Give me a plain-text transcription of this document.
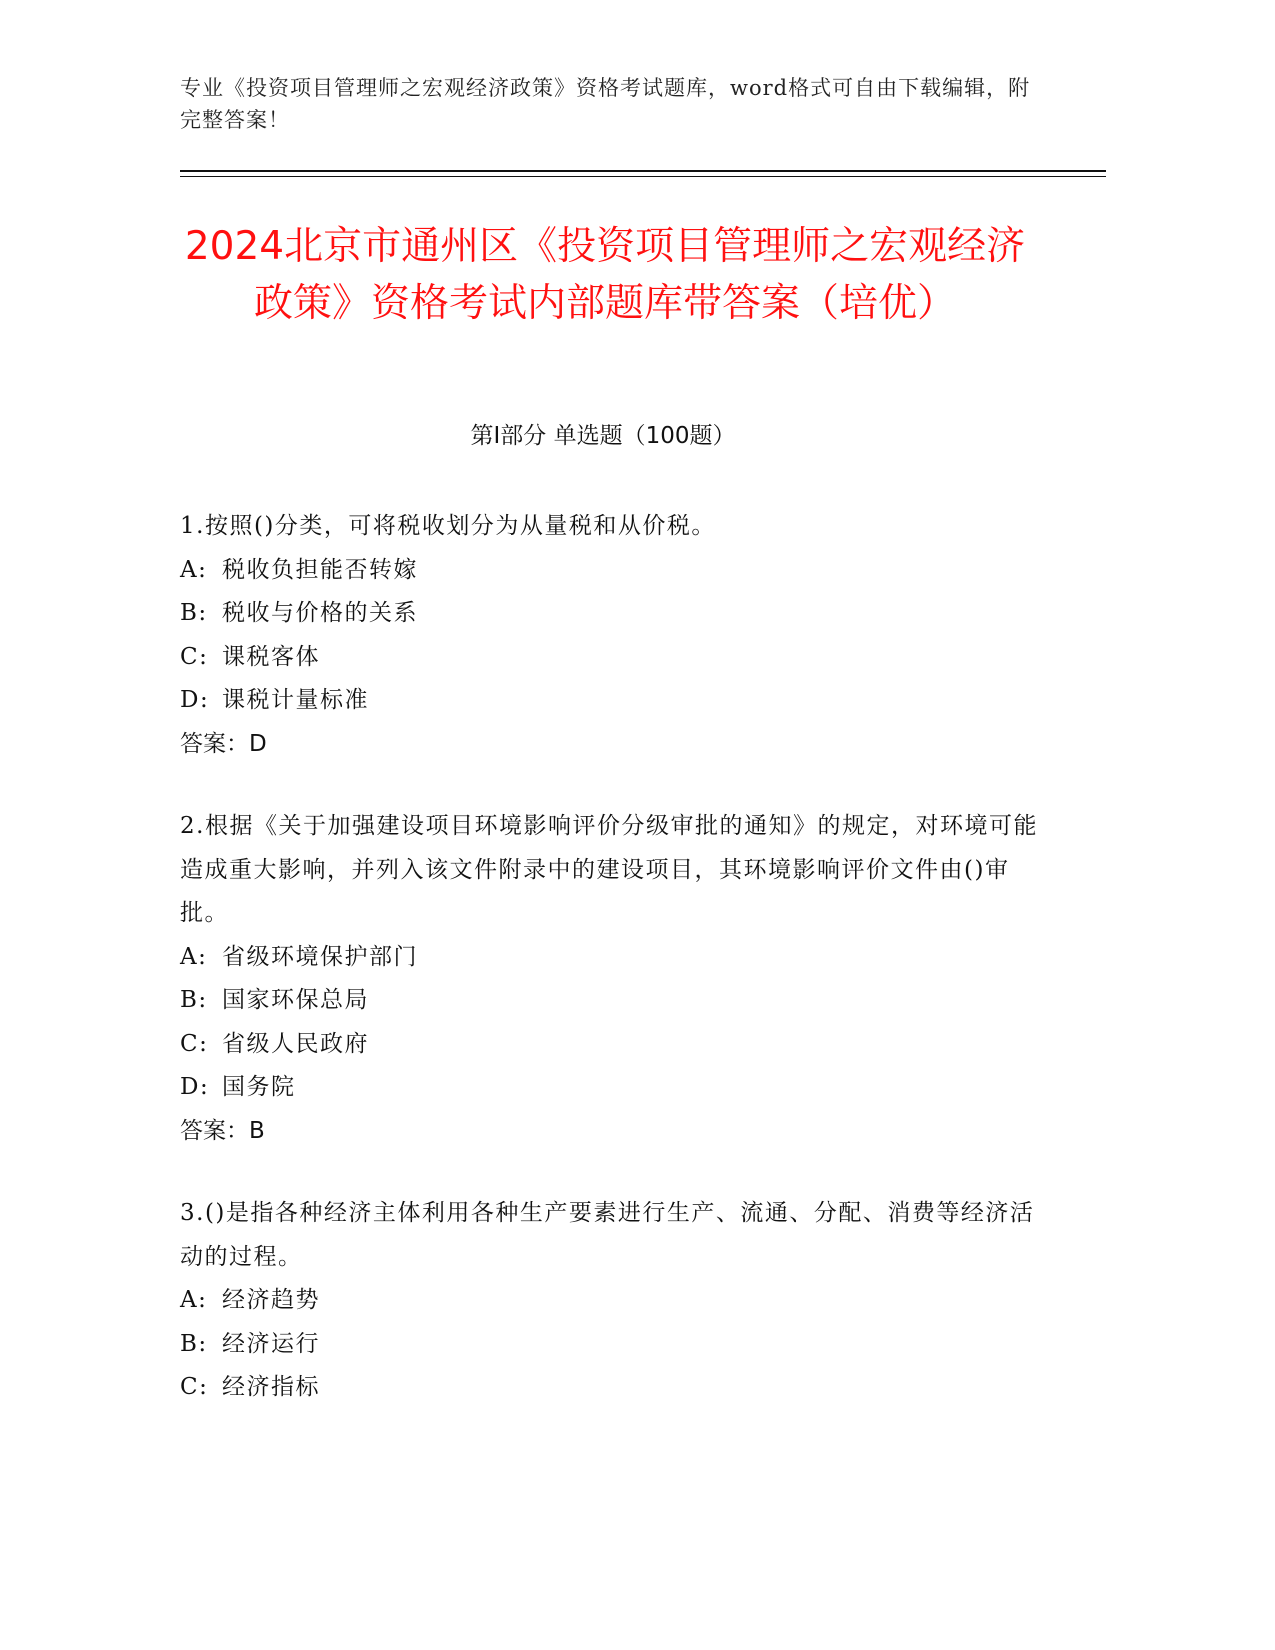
专业《投资项目管理师之宏观经济政策》资格考试题库，word格式可自由下载编辑，附完整答案！
2024北京市通州区《投资项目管理师之宏观经济政策》资格考试内部题库带答案（培优）
第I部分 单选题（100题）
1.按照()分类，可将税收划分为从量税和从价税。
A: 税收负担能否转嫁
B: 税收与价格的关系
C: 课税客体
D: 课税计量标准
答案：D
2.根据《关于加强建设项目环境影响评价分级审批的通知》的规定，对环境可能造成重大影响，并列入该文件附录中的建设项目，其环境影响评价文件由()审批。
A: 省级环境保护部门
B: 国家环保总局
C: 省级人民政府
D: 国务院
答案：B
3.()是指各种经济主体利用各种生产要素进行生产、流通、分配、消费等经济活动的过程。
A: 经济趋势
B: 经济运行
C: 经济指标
